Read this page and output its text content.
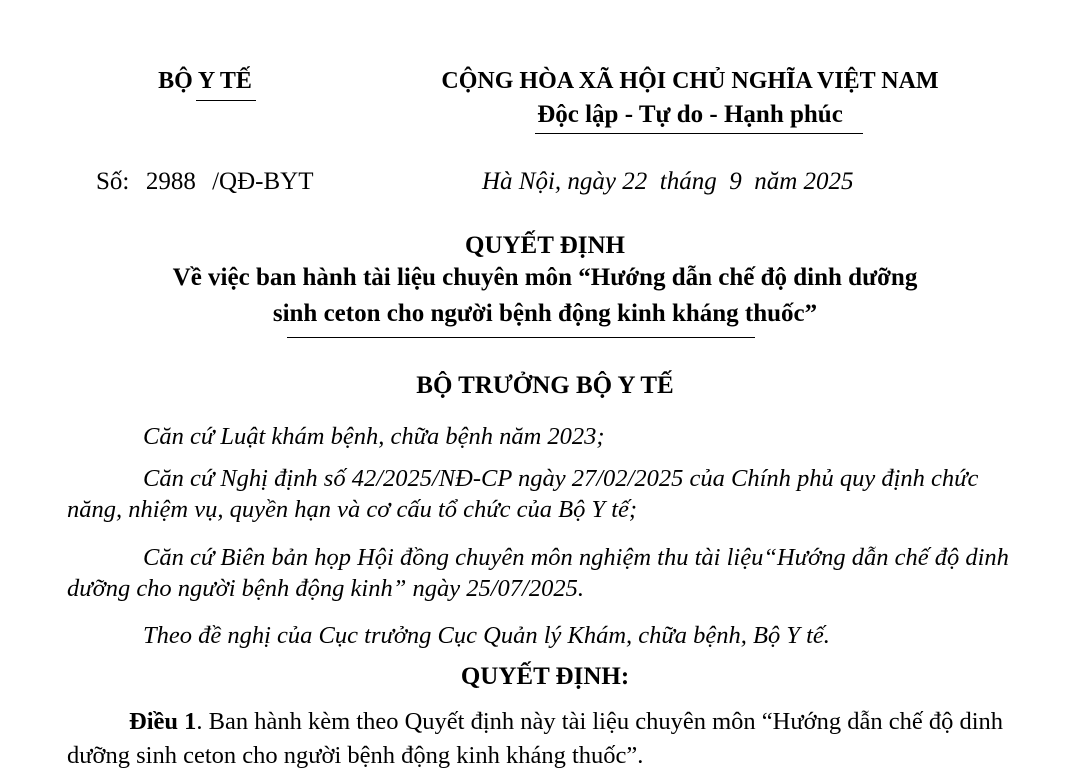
BỘ Y TẾ	CỘNG HÒA XÃ HỘI CHỦ NGHĨA VIỆT NAM
Độc lập - Tự do - Hạnh phúc
Số: 2988 /QĐ-BYT	Hà Nội, ngày 22  tháng  9  năm 2025
QUYẾT ĐỊNH
Về việc ban hành tài liệu chuyên môn “Hướng dẫn chế độ dinh dưỡng
sinh ceton cho người bệnh động kinh kháng thuốc”
BỘ TRƯỞNG BỘ Y TẾ
Căn cứ Luật khám bệnh, chữa bệnh năm 2023;
Căn cứ Nghị định số 42/2025/NĐ-CP ngày 27/02/2025 của Chính phủ quy định chức năng, nhiệm vụ, quyền hạn và cơ cấu tổ chức của Bộ Y tế;
Căn cứ Biên bản họp Hội đồng chuyên môn nghiệm thu tài liệu“Hướng dẫn chế độ dinh dưỡng cho người bệnh động kinh” ngày 25/07/2025.
Theo đề nghị của Cục trưởng Cục Quản lý Khám, chữa bệnh, Bộ Y tế.
QUYẾT ĐỊNH:
Điều 1. Ban hành kèm theo Quyết định này tài liệu chuyên môn “Hướng dẫn chế độ dinh dưỡng sinh ceton cho người bệnh động kinh kháng thuốc”.
